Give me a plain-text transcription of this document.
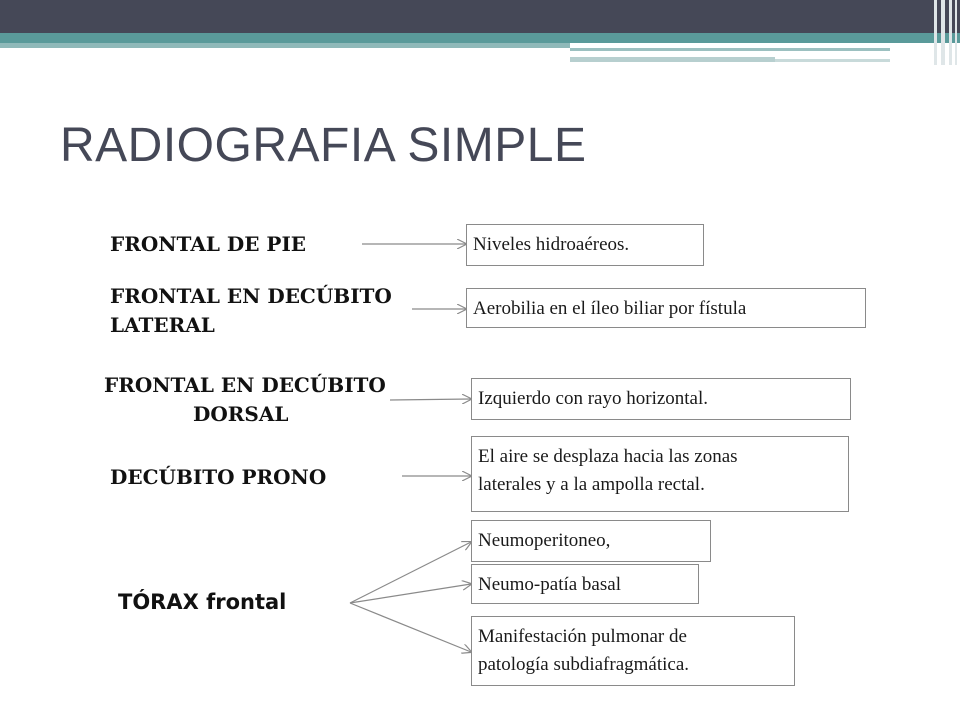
RADIOGRAFIA SIMPLE
FRONTAL DE PIE	Niveles hidroaéreos.
FRONTAL EN DECÚBITO
LATERAL
Aerobilia en el íleo biliar por fístula
FRONTAL EN DECÚBITO
DORSAL
Izquierdo con rayo horizontal.
DECÚBITO PRONO
El aire se desplaza hacia las zonas
laterales y a la ampolla rectal.
TÓRAX frontal
Neumoperitoneo,
Neumo-patía basal
Manifestación pulmonar de
patología subdiafragmática.
